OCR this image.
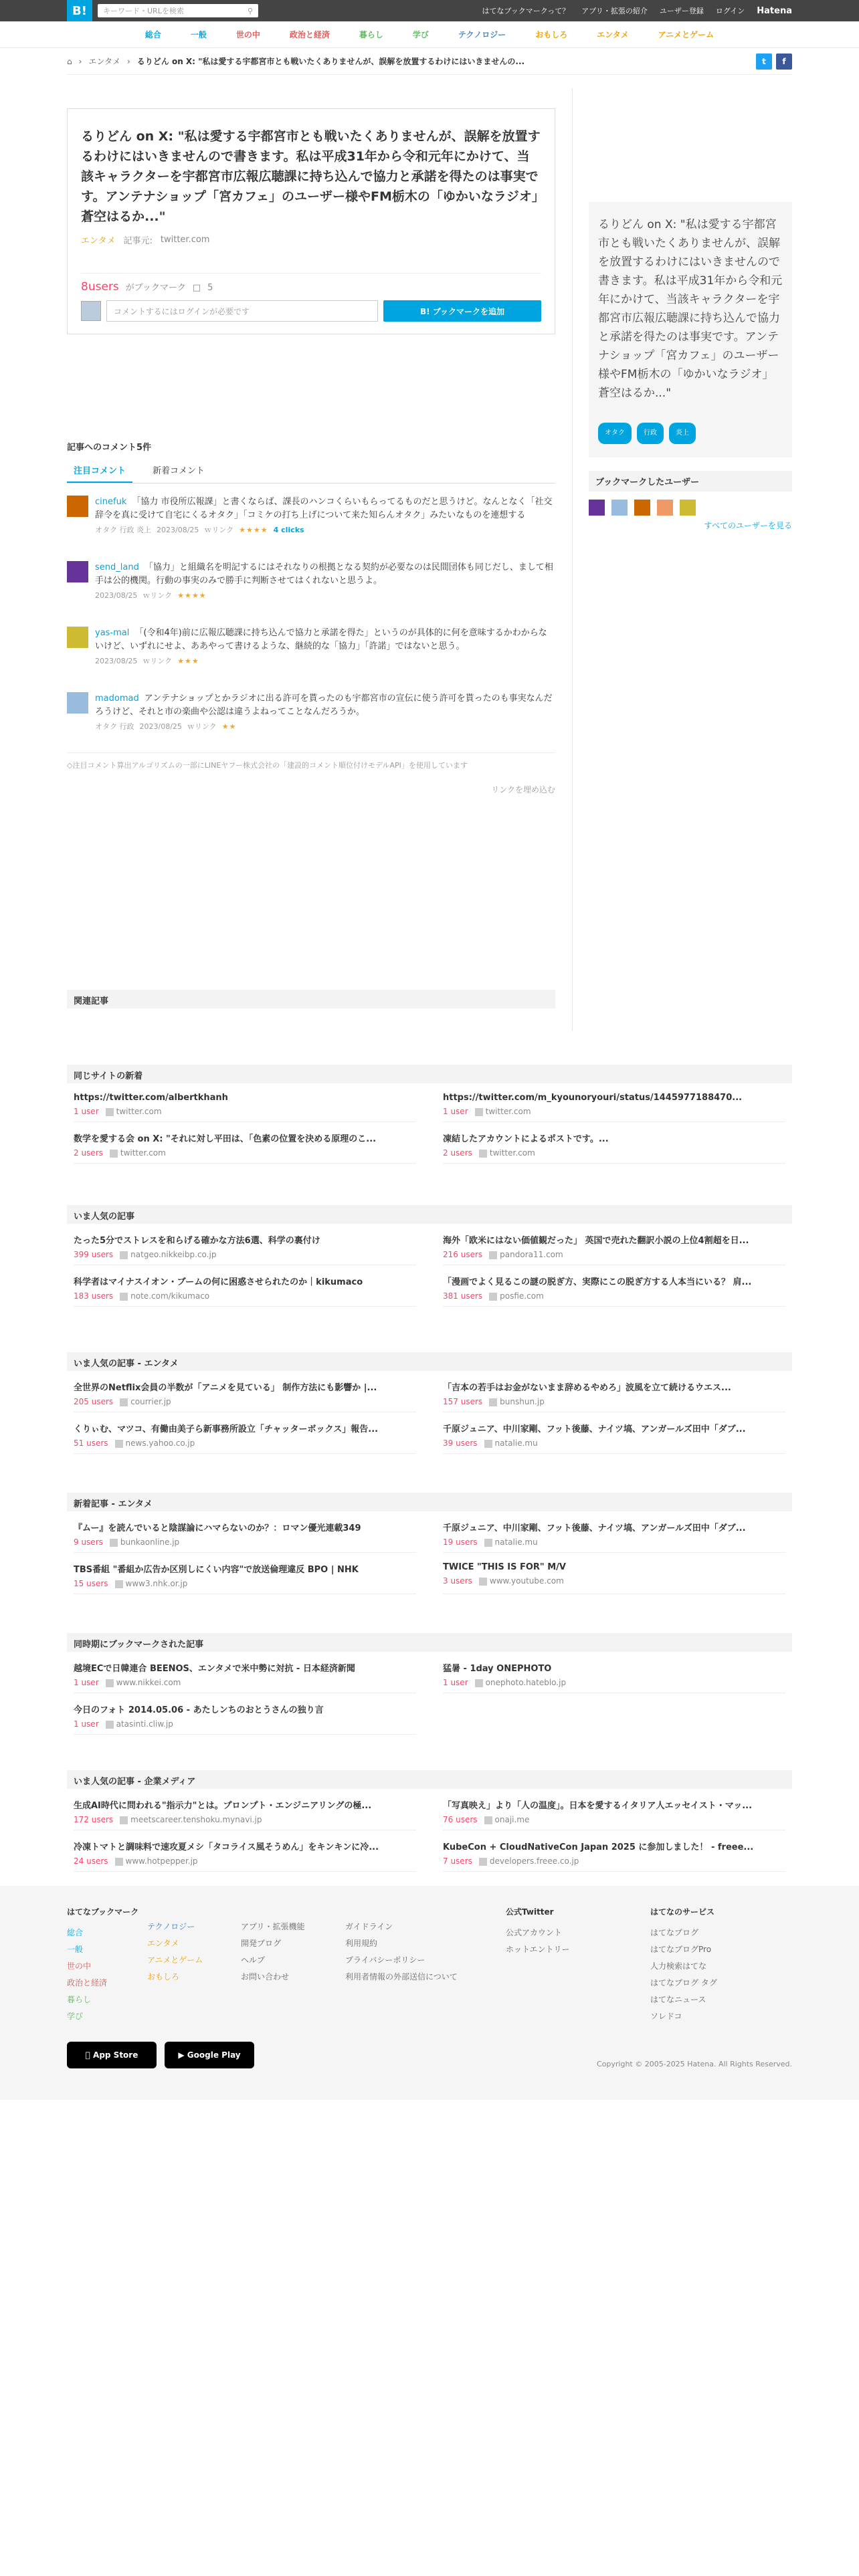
B!	キーワード・URLを検索	⚲	はてなブックマークって？ アプリ・拡張の紹介 ユーザー登録 ログイン Hatena
総合	一般	世の中	政治と経済	暮らし	学び	テクノロジー	おもしろ	エンタメ	アニメとゲーム
⌂ › エンタメ › るりどん on X: "私は愛する宇都宮市とも戦いたくありませんが、誤解を放置するわけにはいきませんの...	t	f
るりどん on X: "私は愛する宇都宮市とも戦いたくありませんが、誤解を放置するわけにはいきませんので書きます。私は平成31年から令和元年にかけて、当該キャラクターを宇都宮市広報広聴課に持ち込んで協力と承諾を得たのは事実です。アンテナショップ「宮カフェ」のユーザー様やFM栃木の「ゆかいなラジオ」蒼空はるか..."
エンタメ 記事元: twitter.com
8users がブックマーク □ 5
コメントするにはログインが必要です	B! ブックマークを追加
記事へのコメント5件
注目コメント	新着コメント
cinefuk 「協力 市役所広報課」と書くならば、課長のハンコくらいもらってるものだと思うけど。なんとなく「社交辞令を真に受けて自宅にくるオタク」「コミケの打ち上げについて来た知らんオタク」みたいなものを連想する
オタク 行政 炎上 2023/08/25 ｗリンク ★★★★ 4 clicks
send_land 「協力」と組織名を明記するにはそれなりの根拠となる契約が必要なのは民間団体も同じだし、まして相手は公的機関。行動の事実のみで勝手に判断させてはくれないと思うよ。
2023/08/25 ｗリンク ★★★★
yas-mal 「(令和4年)前に広報広聴課に持ち込んで協力と承諾を得た」というのが具体的に何を意味するかわからないけど、いずれにせよ、ああやって書けるような、継続的な「協力」「許諾」ではないと思う。
2023/08/25 ｗリンク ★★★
madomad アンテナショップとかラジオに出る許可を貰ったのも宇都宮市の宣伝に使う許可を貰ったのも事実なんだろうけど、それと市の楽曲や公認は違うよねってことなんだろうか。
オタク 行政 2023/08/25 ｗリンク ★★
◇注目コメント算出アルゴリズムの一部にLINEヤフー株式会社の「建設的コメント順位付けモデルAPI」を使用しています
リンクを埋め込む
関連記事
るりどん on X: "私は愛する宇都宮市とも戦いたくありませんが、誤解を放置するわけにはいきませんので書きます。私は平成31年から令和元年にかけて、当該キャラクターを宇都宮市広報広聴課に持ち込んで協力と承諾を得たのは事実です。アンテナショップ「宮カフェ」のユーザー様やFM栃木の「ゆかいなラジオ」蒼空はるか..."
オタク	行政	炎上
ブックマークしたユーザー
すべてのユーザーを見る
同じサイトの新着
https://twitter.com/albertkhanh
1 user	twitter.com
https://twitter.com/m_kyounoryouri/status/1445977188470...
1 user	twitter.com
数学を愛する会 on X: "それに対し平田は、「色素の位置を決める原理のこ...
2 users	twitter.com
凍結したアカウントによるポストです。...
2 users	twitter.com
いま人気の記事
たった5分でストレスを和らげる確かな方法6選、科学の裏付け
399 users	natgeo.nikkeibp.co.jp
海外「欧米にはない価値観だった」 英国で売れた翻訳小説の上位4割超を日...
216 users	pandora11.com
科学者はマイナスイオン・ブームの何に困惑させられたのか｜kikumaco
183 users	note.com/kikumaco
「漫画でよく見るこの謎の脱ぎ方、実際にこの脱ぎ方する人本当にいる？ 肩...
381 users	posfie.com
いま人気の記事 - エンタメ
全世界のNetflix会員の半数が「アニメを見ている」 制作方法にも影響か |...
205 users	courrier.jp
「吉本の若手はお金がないまま辞めるやめろ」波風を立て続けるウエス...
157 users	bunshun.jp
くりぃむ、マツコ、有働由美子ら新事務所設立「チャッターボックス」報告...
51 users	news.yahoo.co.jp
千原ジュニア、中川家剛、フット後藤、ナイツ塙、アンガールズ田中「ダブ...
39 users	natalie.mu
新着記事 - エンタメ
『ムー』を読んでいると陰謀論にハマらないのか？：ロマン優光連載349
9 users	bunkaonline.jp
千原ジュニア、中川家剛、フット後藤、ナイツ塙、アンガールズ田中「ダブ...
19 users	natalie.mu
TBS番組 "番組か広告か区別しにくい内容"で放送倫理違反 BPO | NHK
15 users	www3.nhk.or.jp
TWICE "THIS IS FOR" M/V
3 users	www.youtube.com
同時期にブックマークされた記事
越境ECで日韓連合 BEENOS、エンタメで米中勢に対抗 - 日本経済新聞
1 user	www.nikkei.com
猛暑 - 1day ONEPHOTO
1 user	onephoto.hateblo.jp
今日のフォト 2014.05.06 - あたしンちのおとうさんの独り言
1 user	atasinti.cliw.jp
いま人気の記事 - 企業メディア
生成AI時代に問われる"指示力"とは。プロンプト・エンジニアリングの極...
172 users	meetscareer.tenshoku.mynavi.jp
「写真映え」より「人の温度」。日本を愛するイタリア人エッセイスト・マッ...
76 users	onaji.me
冷凍トマトと調味料で速攻夏メシ「タコライス風そうめん」をキンキンに冷...
24 users	www.hotpepper.jp
KubeCon + CloudNativeCon Japan 2025 に参加しました！ - freee...
7 users	developers.freee.co.jp
はてなブックマーク
総合
一般
世の中
政治と経済
暮らし
学び
テクノロジー
エンタメ
アニメとゲーム
おもしろ
アプリ・拡張機能
開発ブログ
ヘルプ
お問い合わせ
ガイドライン
利用規約
プライバシーポリシー
利用者情報の外部送信について
公式Twitter
公式アカウント
ホットエントリー
はてなのサービス
はてなブログ
はてなブログPro
人力検索はてな
はてなブログ タグ
はてなニュース
ソレドコ

App Store	▶
Google Play
Copyright © 2005-2025 Hatena. All Rights Reserved.
